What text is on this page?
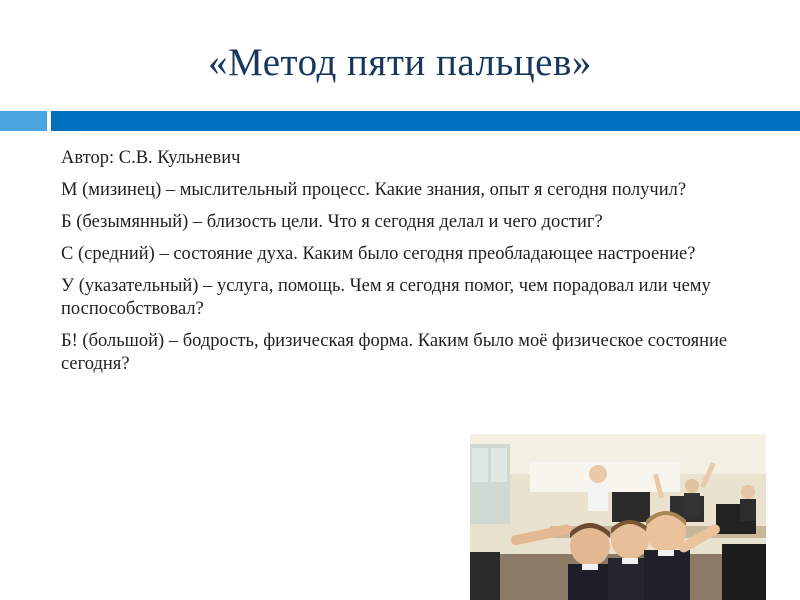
«Метод пяти пальцев»

Автор: С.В. Кульневич

М (мизинец) – мыслительный процесс. Какие знания, опыт я сегодня получил?

Б (безымянный) – близость цели. Что я сегодня делал и чего достиг?

С (средний) – состояние духа. Каким было сегодня преобладающее настроение?

У (указательный) – услуга, помощь. Чем я сегодня помог, чем порадовал или чему поспособствовал?

Б! (большой) – бодрость, физическая форма. Каким было моё физическое состояние сегодня?
